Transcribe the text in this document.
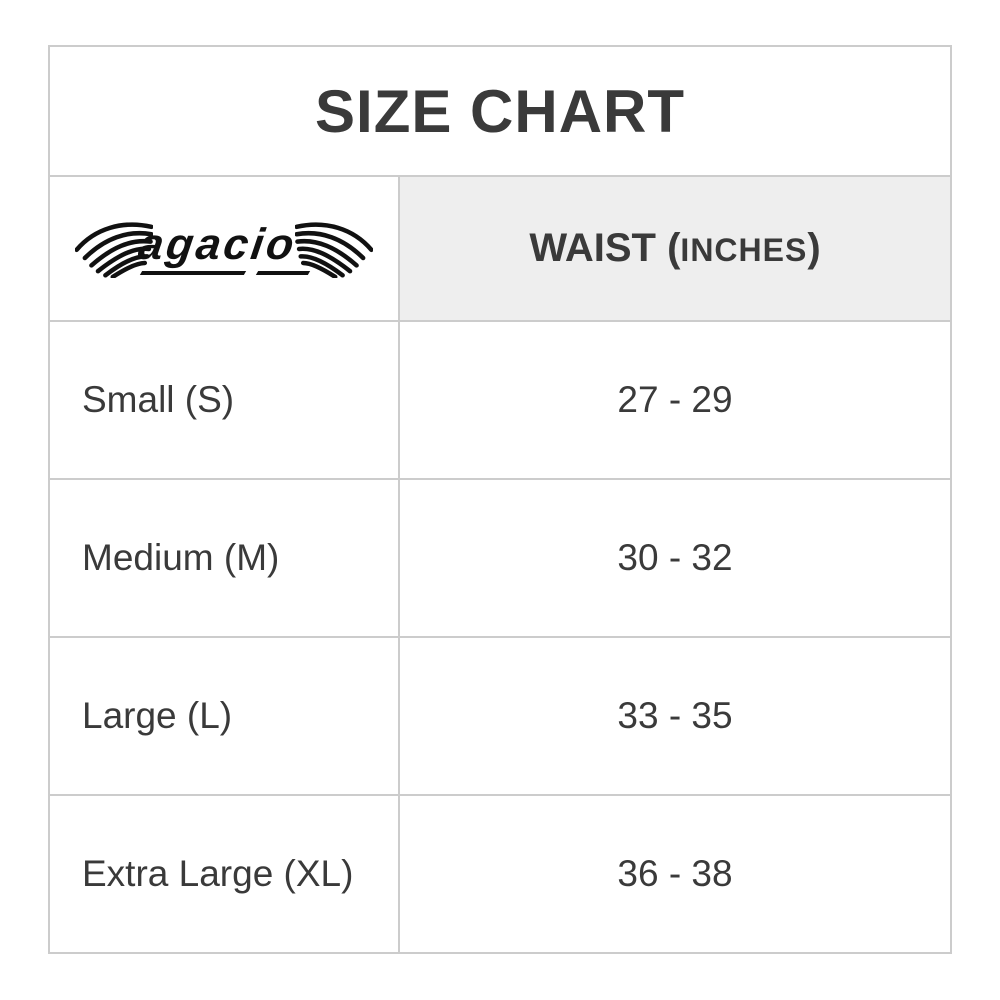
SIZE CHART
agacio	WAIST (INCHES)
Small (S)	27 - 29
Medium (M)	30 - 32
Large (L)	33 - 35
Extra Large (XL)	36 - 38
